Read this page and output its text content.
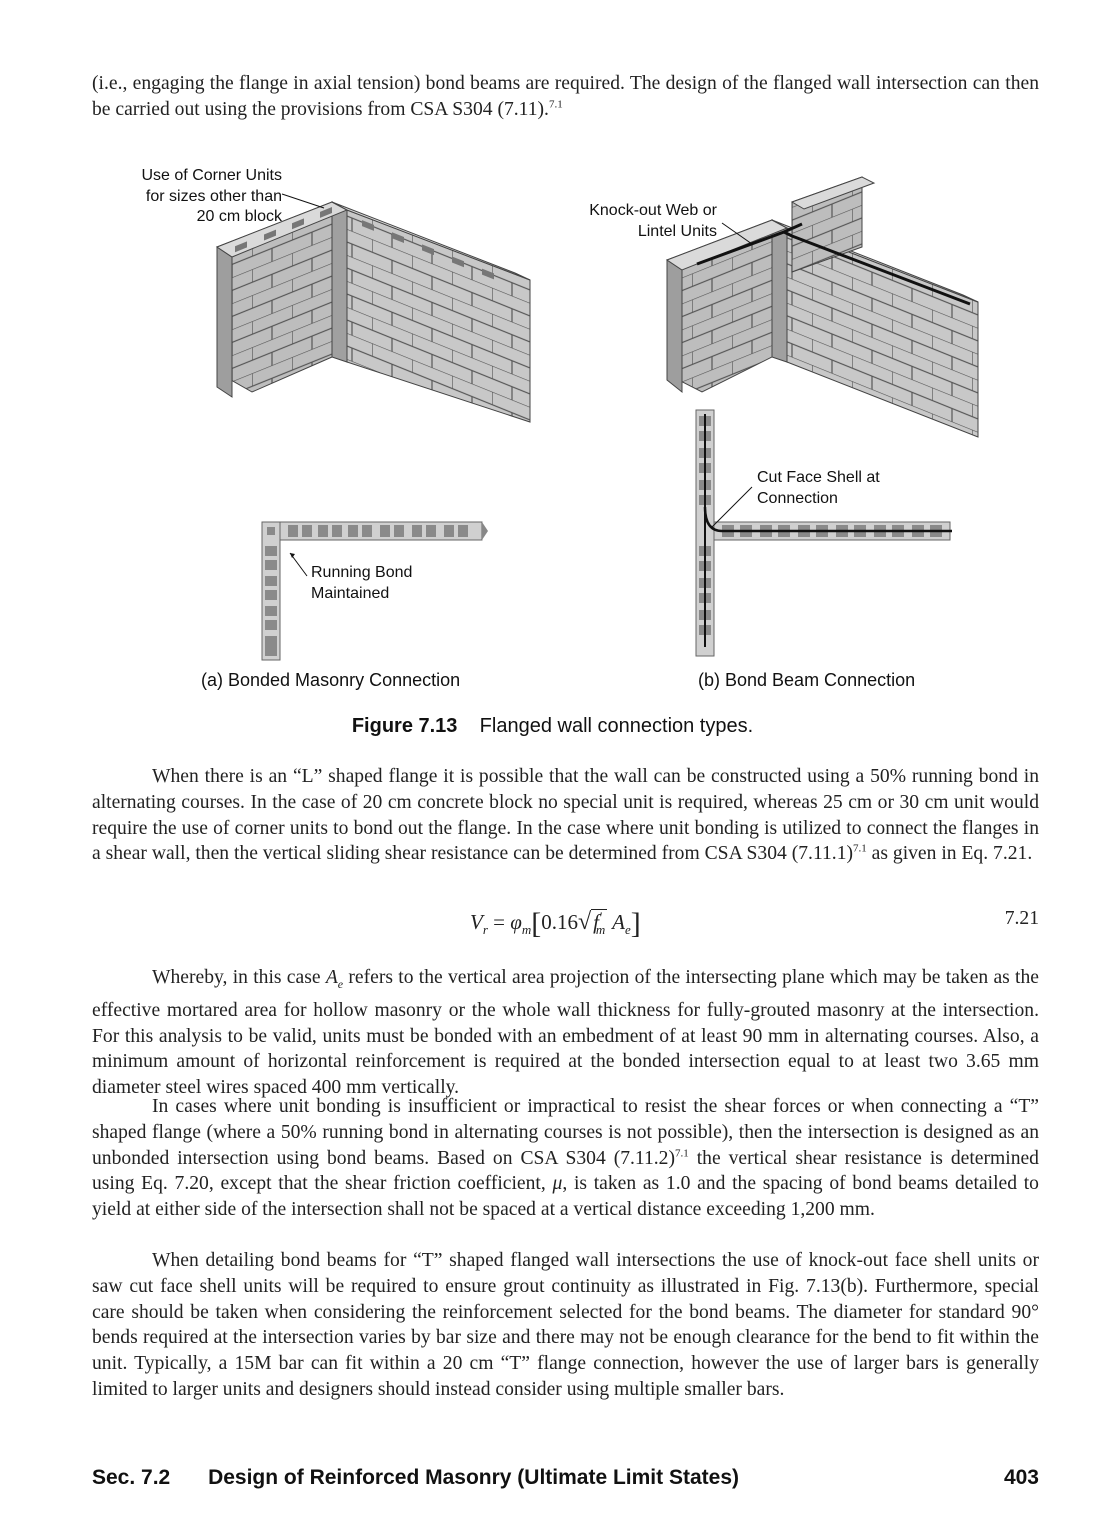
(i.e., engaging the flange in axial tension) bond beams are required. The design of the flanged wall intersection can then be carried out using the provisions from CSA S304 (7.11).$^{7.1}$
Use of Corner Units
for sizes other than
20 cm block	Knock-out Web or
Lintel Units
Running Bond
Maintained
Cut Face Shell at
Connection
(a) Bonded Masonry Connection	(b) Bond Beam Connection
Figure 7.13 Flanged wall connection types.
When there is an “L” shaped flange it is possible that the wall can be constructed using a 50% running bond in alternating courses. In the case of 20 cm concrete block no special unit is required, whereas 25 cm or 30 cm unit would require the use of corner units to bond out the flange. In the case where unit bonding is utilized to connect the flanges in a shear wall, then the vertical sliding shear resistance can be determined from CSA S304 $(7.11.1)^{7.1}$ as given in Eq. 7.21.
$V_r = \varphi_m[0.16√f'_m$ $A_e$]	7.21
Whereby, in this case $A_e$ refers to the vertical area projection of the intersecting plane which may be taken as the effective mortared area for hollow masonry or the whole wall thickness for fully-grouted masonry at the intersection. For this analysis to be valid, units must be bonded with an embedment of at least 90 mm in alternating courses. Also, a minimum amount of horizontal reinforcement is required at the bonded intersection equal to at least two 3.65 mm diameter steel wires spaced 400 mm vertically.
In cases where unit bonding is insufficient or impractical to resist the shear forces or when connecting a “T” shaped flange (where a 50% running bond in alternating courses is not possible), then the intersection is designed as an unbonded intersection using bond beams. Based on CSA S304 $(7.11.2)^{7.1}$ the vertical shear resistance is determined using Eq. 7.20, except that the shear friction coefficient, μ, is taken as 1.0 and the spacing of bond beams detailed to yield at either side of the intersection shall not be spaced at a vertical distance exceeding 1,200 mm.
When detailing bond beams for “T” shaped flanged wall intersections the use of knock-out face shell units or saw cut face shell units will be required to ensure grout continuity as illustrated in Fig. 7.13(b). Furthermore, special care should be taken when considering the reinforcement selected for the bond beams. The diameter for standard 90° bends required at the intersection varies by bar size and there may not be enough clearance for the bend to fit within the unit. Typically, a 15M bar can fit within a 20 cm “T” flange connection, however the use of larger bars is generally limited to larger units and designers should instead consider using multiple smaller bars.
Sec. 7.2 Design of Reinforced Masonry (Ultimate Limit States)	403
